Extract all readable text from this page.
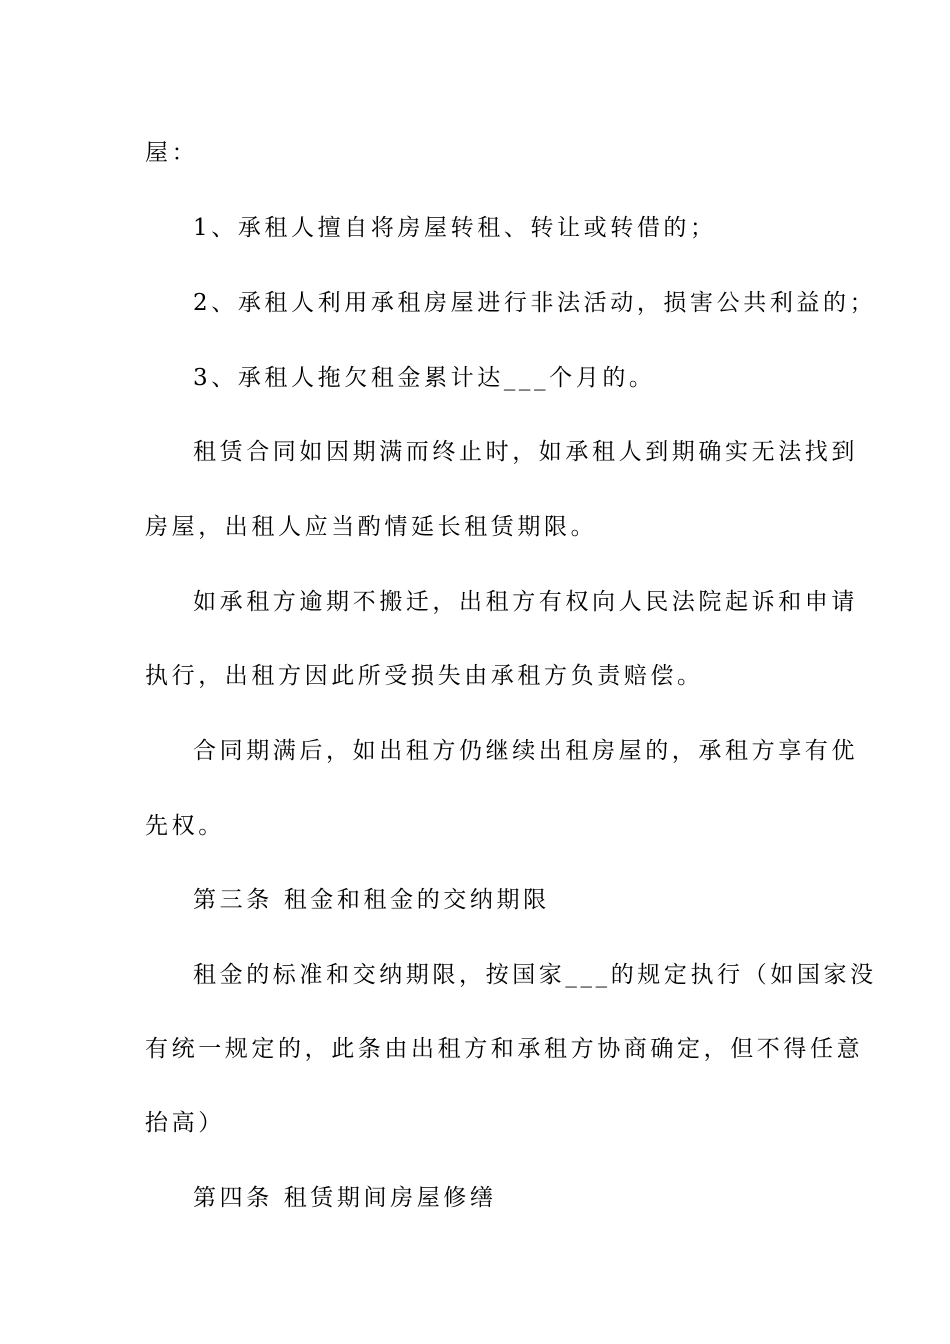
屋：
1、承租人擅自将房屋转租、转让或转借的；
2、承租人利用承租房屋进行非法活动，损害公共利益的；
3、承租人拖欠租金累计达___个月的。
租赁合同如因期满而终止时，如承租人到期确实无法找到
房屋，出租人应当酌情延长租赁期限。
如承租方逾期不搬迁，出租方有权向人民法院起诉和申请
执行，出租方因此所受损失由承租方负责赔偿。
合同期满后，如出租方仍继续出租房屋的，承租方享有优
先权。
第三条 租金和租金的交纳期限
租金的标准和交纳期限，按国家___的规定执行（如国家没
有统一规定的，此条由出租方和承租方协商确定，但不得任意
抬高）
第四条 租赁期间房屋修缮
